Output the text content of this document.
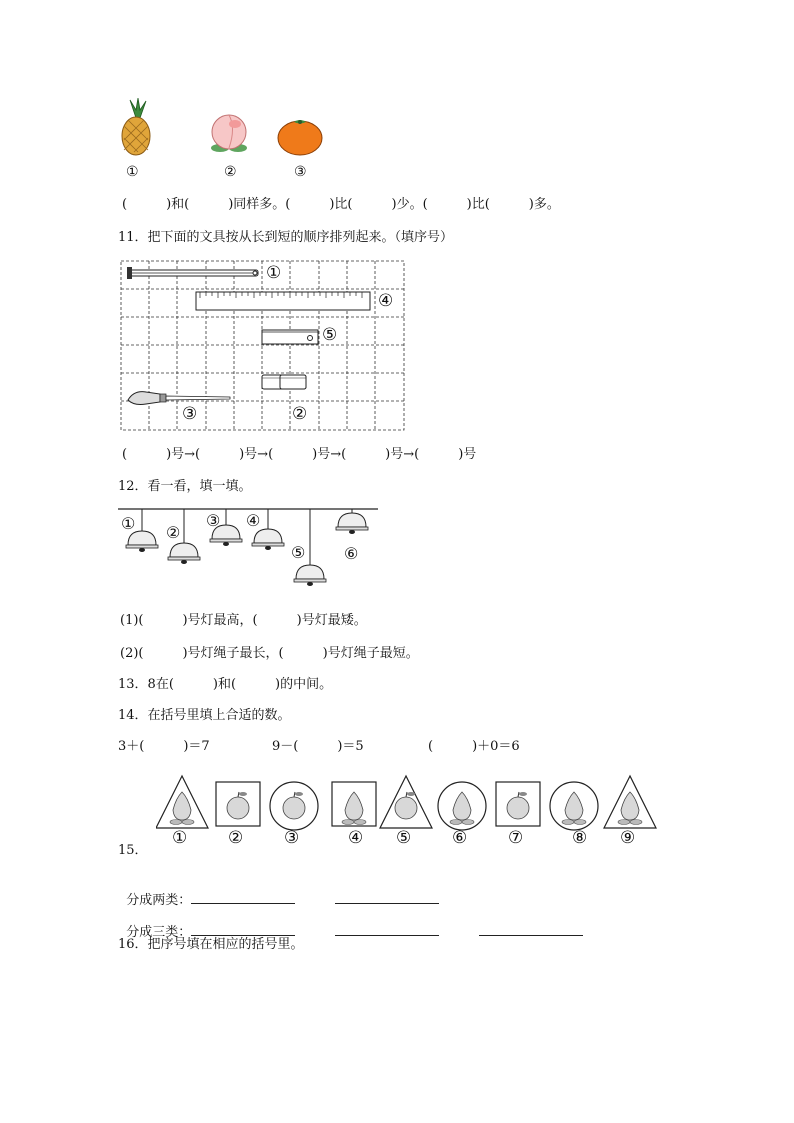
①	②	③
(　　　)和(　　　)同样多。(　　　)比(　　　)少。(　　　)比(　　　)多。
11．把下面的文具按从长到短的顺序排列起来。（填序号）
①
④
⑤
③	②
(　　　)号→(　　　)号→(　　　)号→(　　　)号→(　　　)号
12．看一看，填一填。
① ②
③ ④
⑤ ⑥
(1)(　　　)号灯最高，(　　　)号灯最矮。
(2)(　　　)号灯绳子最长，(　　　)号灯绳子最短。
13．8在(　　　)和(　　　)的中间。
14．在括号里填上合适的数。
3＋(　　　)＝7	9－(　　　)＝5	(　　　)＋0＝6
① ② ③	④ ⑤ ⑥ ⑦	⑧ ⑨
15．

分成两类：

分成三类：

16．把序号填在相应的括号里。
